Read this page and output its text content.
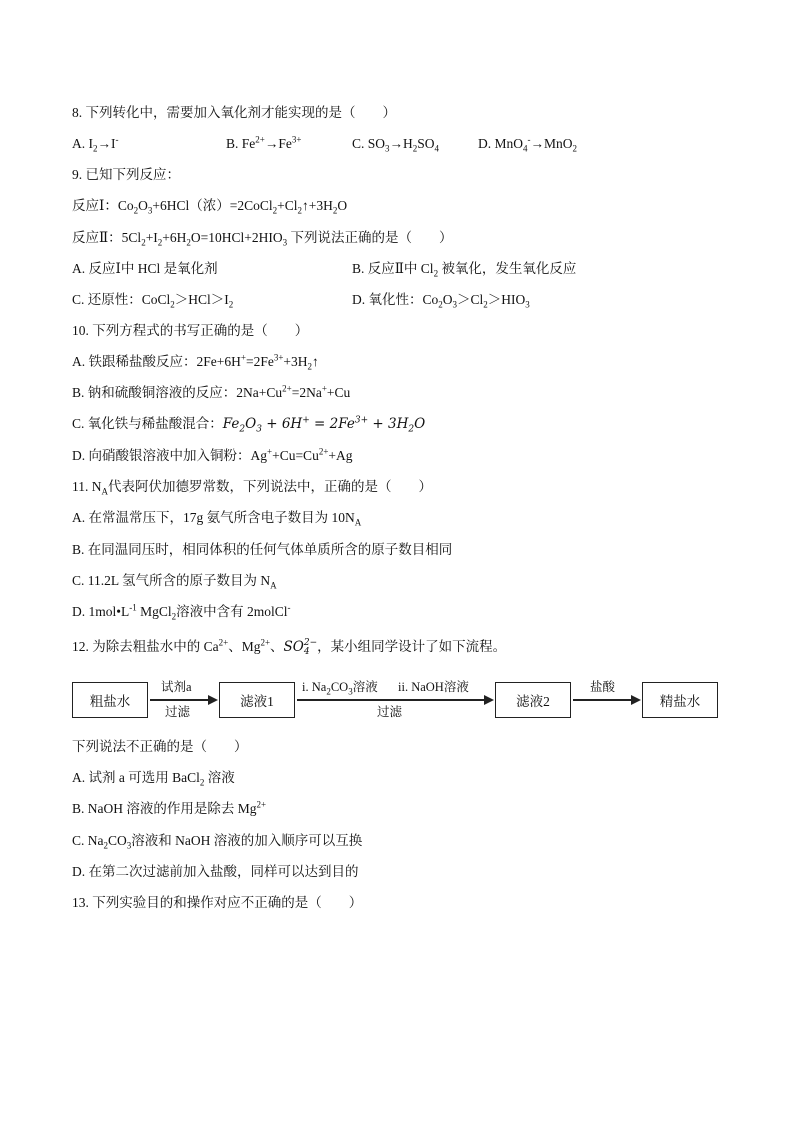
8. 下列转化中，需要加入氧化剂才能实现的是（　　）
A. $I_2\to I^-$	B. $Fe^{2+}\to Fe^{3+}$	C. $SO_3\to H_2SO_4$	D. MnO$_4$-→MnO$_2$
9. 已知下列反应：
反应Ⅰ：$Co_2O_3+6HCl$（浓）$=2CoCl_2+Cl_2↑+3H_2O$
反应Ⅱ：$5Cl_2+I_2+6H_2O=10HCl+2HIO_3$ 下列说法正确的是（　　）
A. 反应Ⅰ中 HCl 是氧化剂	B. 反应Ⅱ中 $Cl_2$ 被氧化，发生氧化反应
C. 还原性：$CoCl_2>HCl>I_2$	D. 氧化性：$Co_2O_3>Cl_2>HIO_3$
10. 下列方程式的书写正确的是（　　）
A. 铁跟稀盐酸反应：$2Fe+6H^+=2Fe^{3+}+3H_2↑$
B. 钠和硫酸铜溶液的反应：$2Na+Cu^{2+}=2Na^++Cu$
C. 氧化铁与稀盐酸混合：$Fe_2O_3 + 6H^+ = 2Fe^{3+} + 3H_2O$
D. 向硝酸银溶液中加入铜粉：$Ag^++Cu=Cu^{2+}+Ag$
11. $N_A$代表阿伏加德罗常数，下列说法中，正确的是（　　）
A. 在常温常压下，17g 氨气所含电子数目为 $10N_A$
B. 在同温同压时，相同体积的任何气体单质所含的原子数目相同
C. 11.2L 氢气所含的原子数目为 $N_A$
D. $1mol•L^{-1}$ MgCl$_2$溶液中含有 2molCl-
12. 为除去粗盐水中的 $Ca^{2+}$、$Mg^{2+}$、SO 2−
4 ，某小组同学设计了如下流程。
粗盐水
试剂a
过滤
滤液1
i. $Na_2CO_3$溶液 ii. NaOH溶液
过滤
滤液2
盐酸
精盐水
下列说法不正确的是（　　）
A. 试剂 a 可选用 BaCl$_2$ 溶液
B. NaOH 溶液的作用是除去 $Mg^{2+}$
C. $Na_2CO_3$溶液和 NaOH 溶液的加入顺序可以互换
D. 在第二次过滤前加入盐酸，同样可以达到目的
13. 下列实验目的和操作对应不正确的是（　　）
